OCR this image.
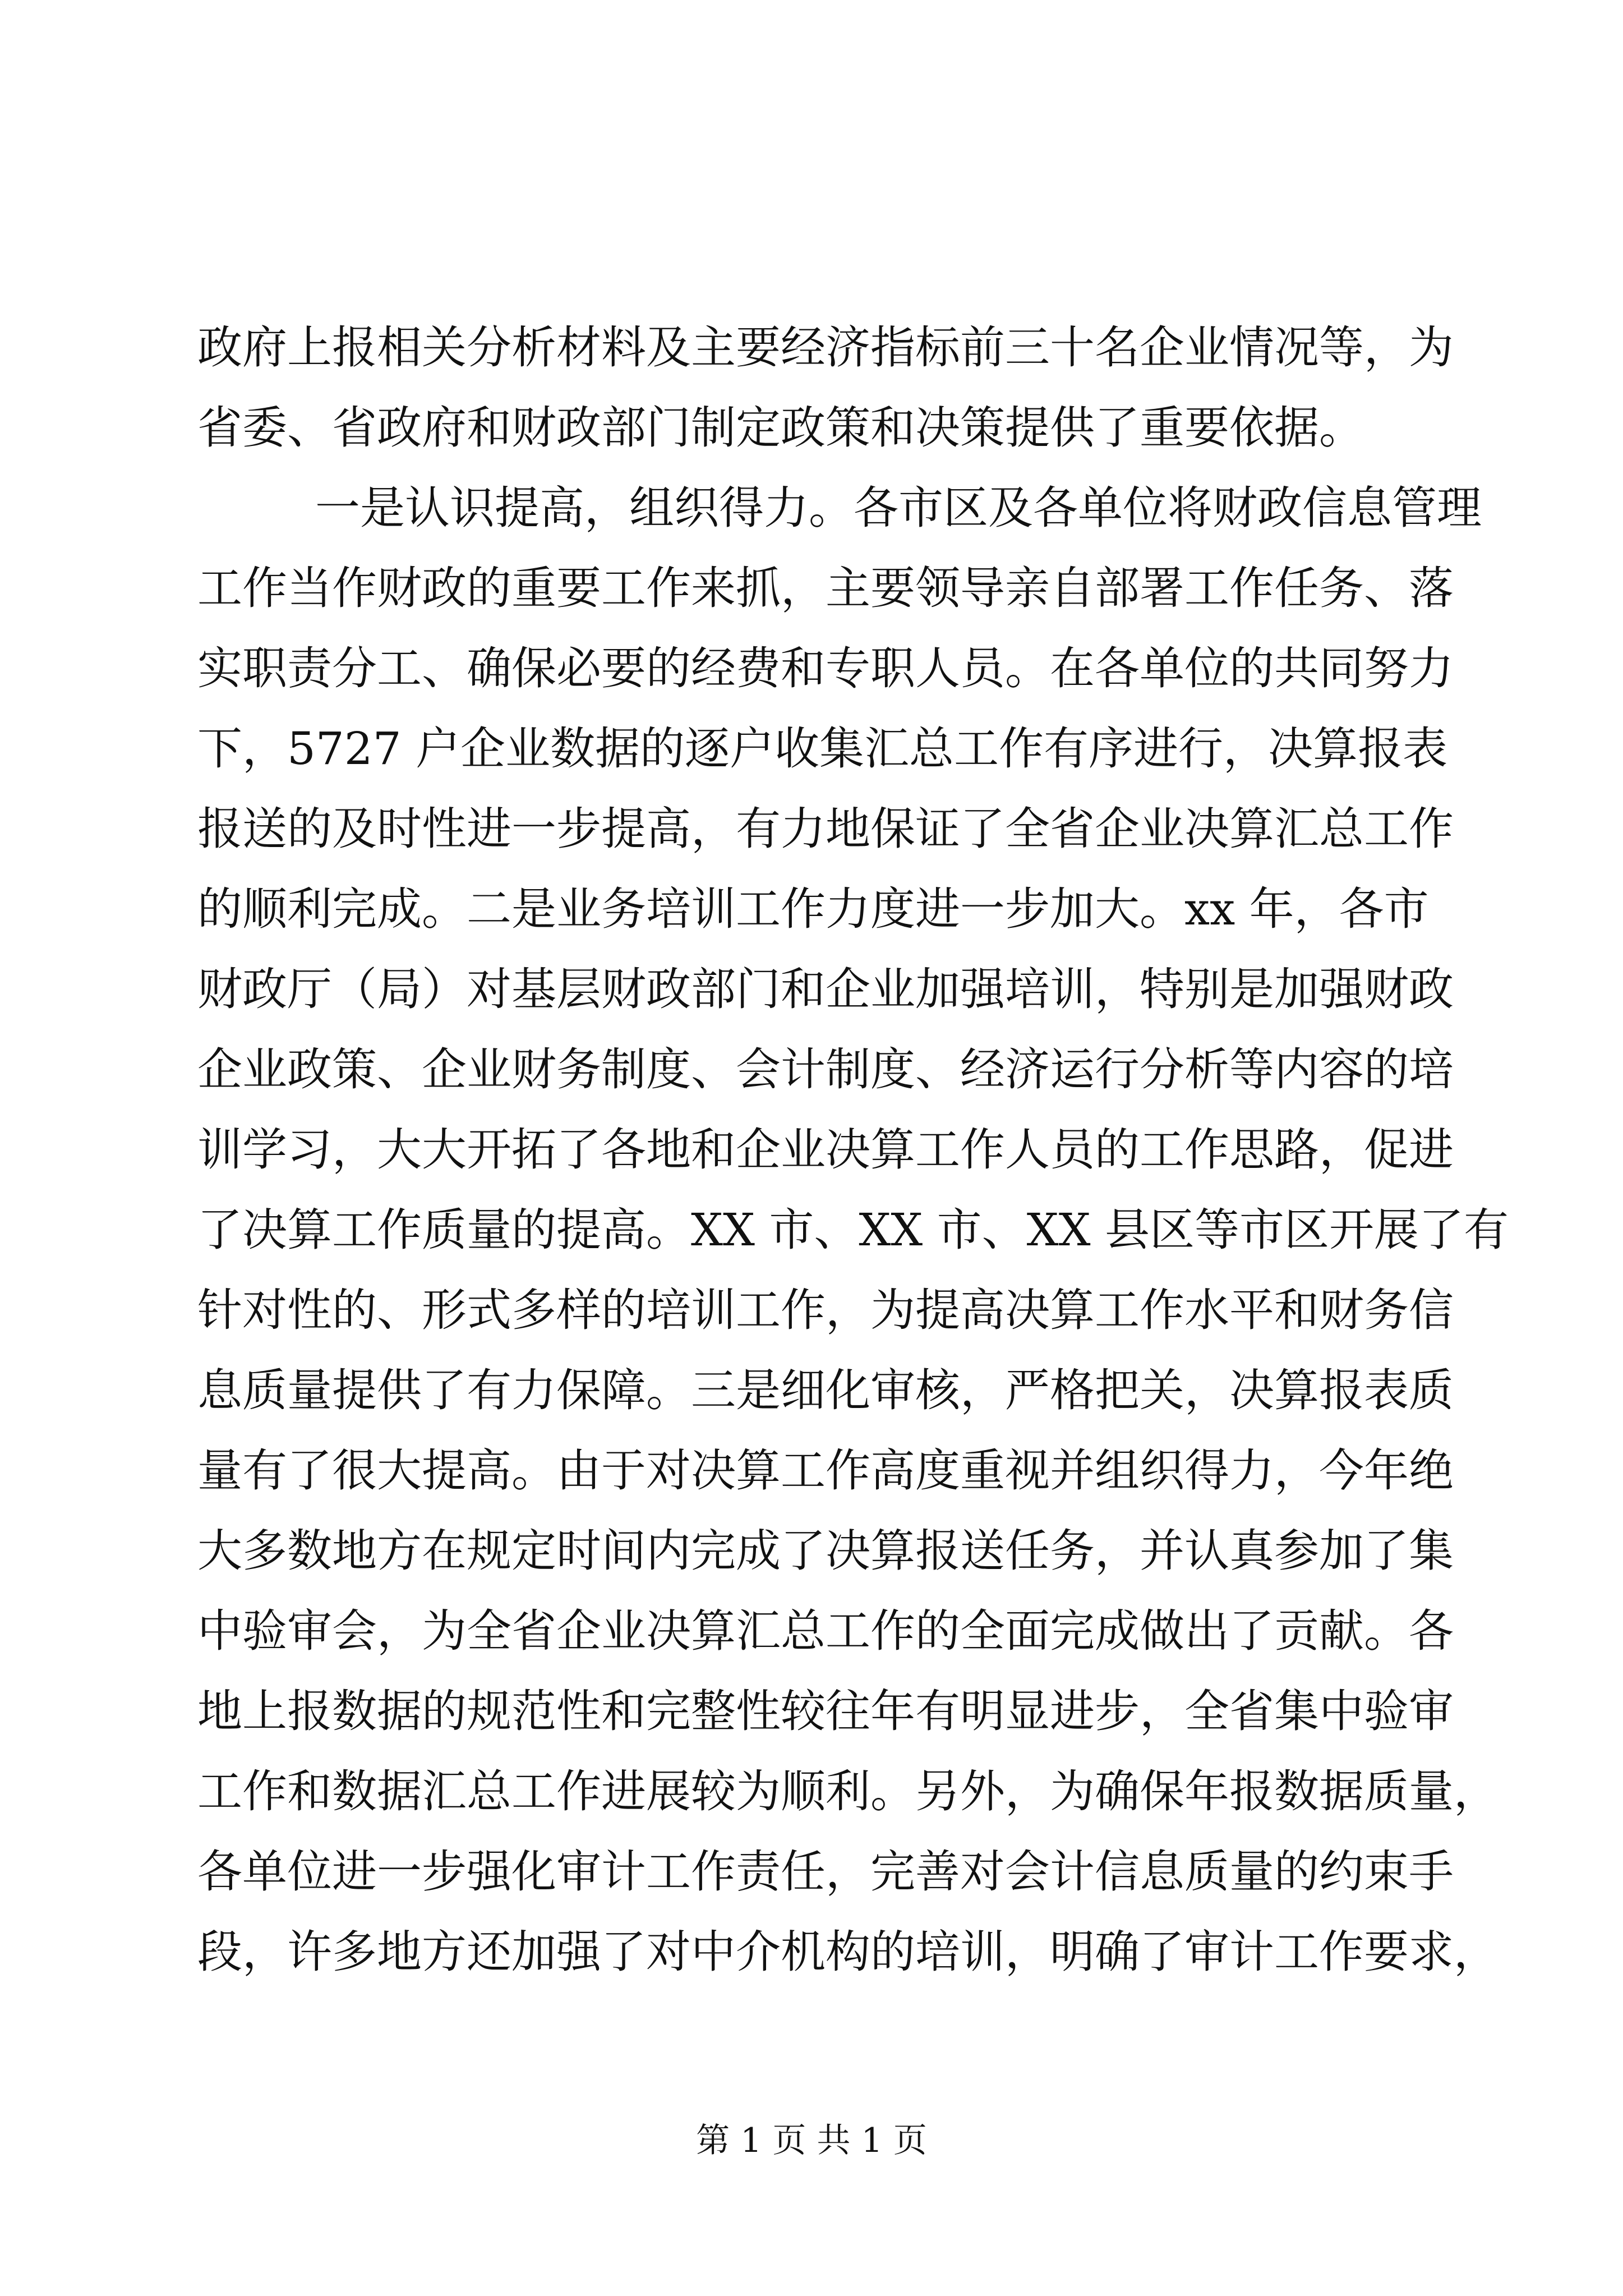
政府上报相关分析材料及主要经济指标前三十名企业情况等，为
省委、省政府和财政部门制定政策和决策提供了重要依据。
一是认识提高，组织得力。各市区及各单位将财政信息管理
工作当作财政的重要工作来抓，主要领导亲自部署工作任务、落
实职责分工、确保必要的经费和专职人员。在各单位的共同努力
下，5727 户企业数据的逐户收集汇总工作有序进行，决算报表
报送的及时性进一步提高，有力地保证了全省企业决算汇总工作
的顺利完成。二是业务培训工作力度进一步加大。xx 年，各市
财政厅（局）对基层财政部门和企业加强培训，特别是加强财政
企业政策、企业财务制度、会计制度、经济运行分析等内容的培
训学习，大大开拓了各地和企业决算工作人员的工作思路，促进
了决算工作质量的提高。XX 市、XX 市、XX 县区等市区开展了有
针对性的、形式多样的培训工作，为提高决算工作水平和财务信
息质量提供了有力保障。三是细化审核，严格把关，决算报表质
量有了很大提高。由于对决算工作高度重视并组织得力，今年绝
大多数地方在规定时间内完成了决算报送任务，并认真参加了集
中验审会，为全省企业决算汇总工作的全面完成做出了贡献。各
地上报数据的规范性和完整性较往年有明显进步，全省集中验审
工作和数据汇总工作进展较为顺利。另外，为确保年报数据质量，
各单位进一步强化审计工作责任，完善对会计信息质量的约束手
段，许多地方还加强了对中介机构的培训，明确了审计工作要求，
第 1 页 共 1 页
